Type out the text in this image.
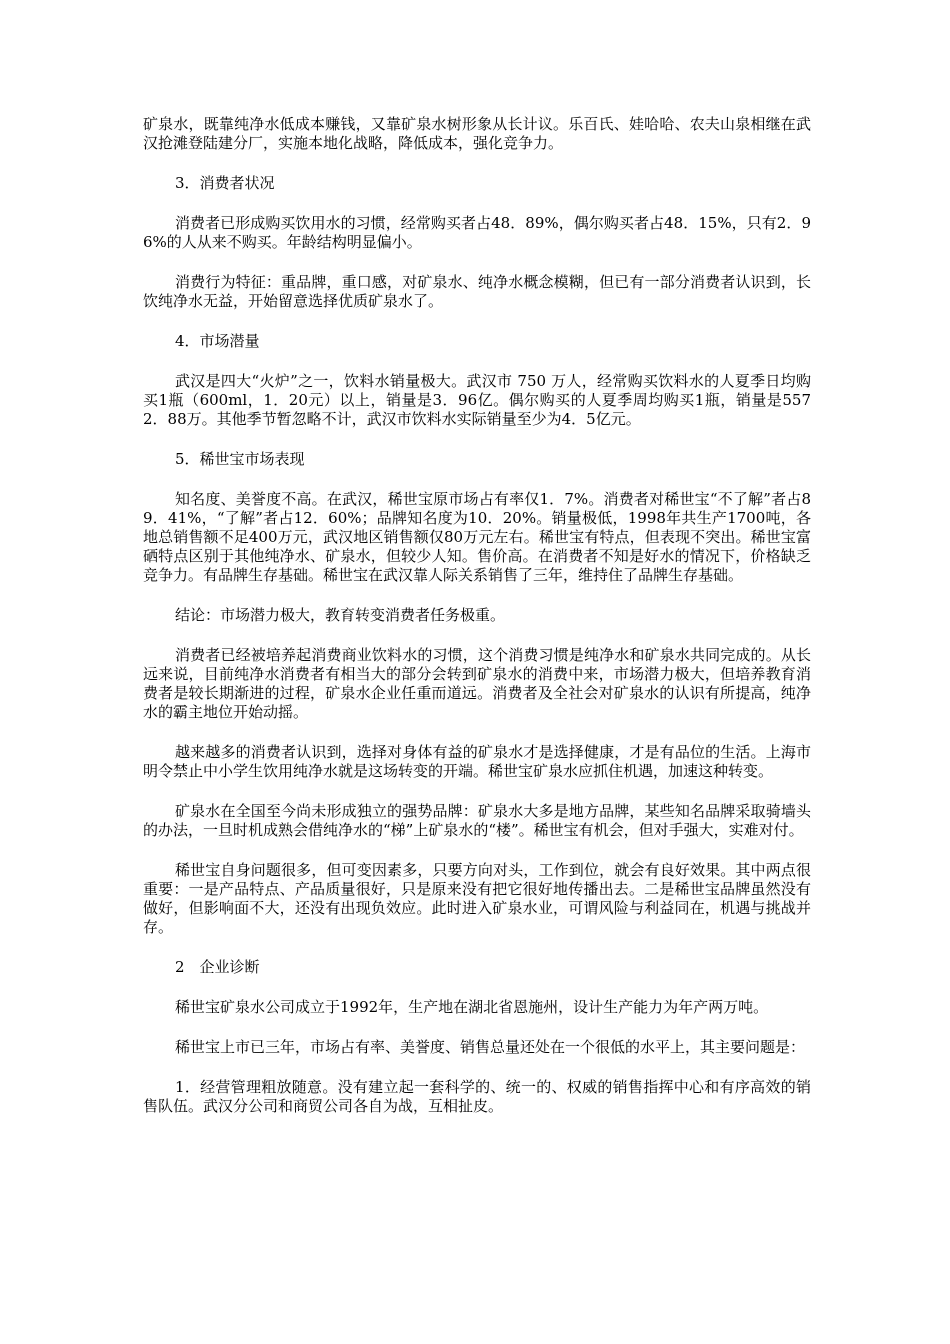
矿泉水，既靠纯净水低成本赚钱，又靠矿泉水树形象从长计议。乐百氏、娃哈哈、农夫山泉相继在武汉抢滩登陆建分厂，实施本地化战略，降低成本，强化竞争力。

3．消费者状况

消费者已形成购买饮用水的习惯，经常购买者占48．89%，偶尔购买者占48．15%，只有2．96%的人从来不购买。年龄结构明显偏小。

消费行为特征：重品牌，重口感，对矿泉水、纯净水概念模糊，但已有一部分消费者认识到，长饮纯净水无益，开始留意选择优质矿泉水了。

4．市场潜量

武汉是四大“火炉”之一，饮料水销量极大。武汉市 750 万人，经常购买饮料水的人夏季日均购买1瓶（600ml，1．20元）以上，销量是3．96亿。偶尔购买的人夏季周均购买1瓶，销量是5572．88万。其他季节暂忽略不计，武汉市饮料水实际销量至少为4．5亿元。

5．稀世宝市场表现

知名度、美誉度不高。在武汉，稀世宝原市场占有率仅1．7%。消费者对稀世宝“不了解”者占89．41%，“了解”者占12．60%；品牌知名度为10．20%。销量极低，1998年共生产1700吨，各地总销售额不足400万元，武汉地区销售额仅80万元左右。稀世宝有特点，但表现不突出。稀世宝富硒特点区别于其他纯净水、矿泉水，但较少人知。售价高。在消费者不知是好水的情况下，价格缺乏竞争力。有品牌生存基础。稀世宝在武汉靠人际关系销售了三年，维持住了品牌生存基础。

结论：市场潜力极大，教育转变消费者任务极重。

消费者已经被培养起消费商业饮料水的习惯，这个消费习惯是纯净水和矿泉水共同完成的。从长远来说，目前纯净水消费者有相当大的部分会转到矿泉水的消费中来，市场潜力极大，但培养教育消费者是较长期渐进的过程，矿泉水企业任重而道远。消费者及全社会对矿泉水的认识有所提高，纯净水的霸主地位开始动摇。

越来越多的消费者认识到，选择对身体有益的矿泉水才是选择健康，才是有品位的生活。上海市明令禁止中小学生饮用纯净水就是这场转变的开端。稀世宝矿泉水应抓住机遇，加速这种转变。

矿泉水在全国至今尚未形成独立的强势品牌：矿泉水大多是地方品牌，某些知名品牌采取骑墙头的办法，一旦时机成熟会借纯净水的“梯”上矿泉水的“楼”。稀世宝有机会，但对手强大，实难对付。

稀世宝自身问题很多，但可变因素多，只要方向对头，工作到位，就会有良好效果。其中两点很重要：一是产品特点、产品质量很好，只是原来没有把它很好地传播出去。二是稀世宝品牌虽然没有做好，但影响面不大，还没有出现负效应。此时进入矿泉水业，可谓风险与利益同在，机遇与挑战并存。

2　企业诊断

稀世宝矿泉水公司成立于1992年，生产地在湖北省恩施州，设计生产能力为年产两万吨。

稀世宝上市已三年，市场占有率、美誉度、销售总量还处在一个很低的水平上，其主要问题是：

1．经营管理粗放随意。没有建立起一套科学的、统一的、权威的销售指挥中心和有序高效的销售队伍。武汉分公司和商贸公司各自为战，互相扯皮。
